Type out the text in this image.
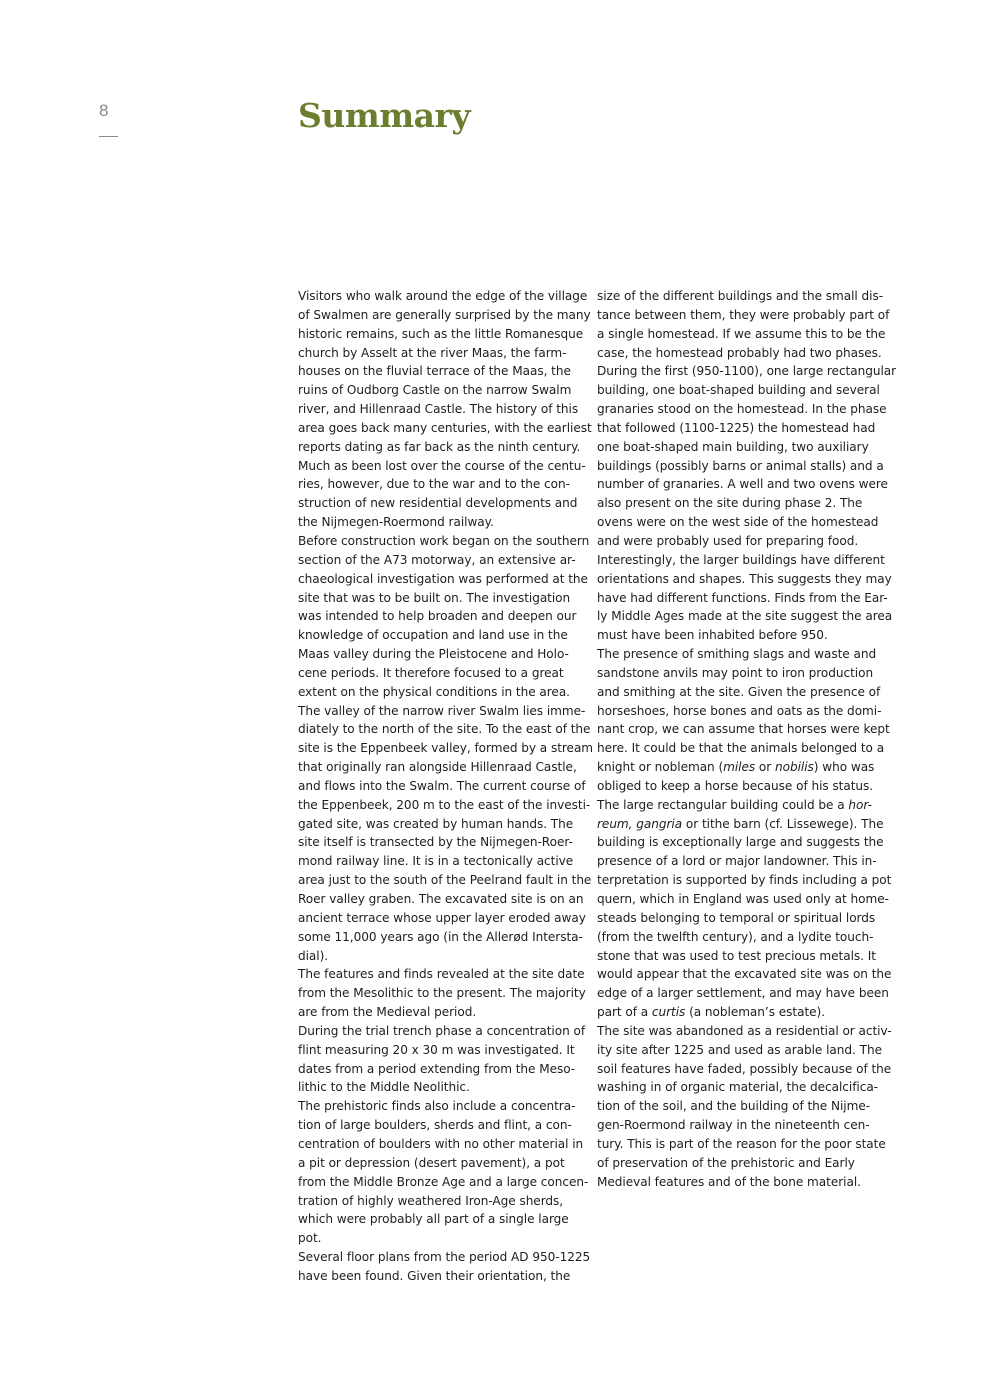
8	Summary

Visitors who walk around the edge of the village
of Swalmen are generally surprised by the many
historic remains, such as the little Romanesque
church by Asselt at the river Maas, the farm-
houses on the fluvial terrace of the Maas, the
ruins of Oudborg Castle on the narrow Swalm
river, and Hillenraad Castle. The history of this
area goes back many centuries, with the earliest
reports dating as far back as the ninth century.
Much as been lost over the course of the centu-
ries, however, due to the war and to the con-
struction of new residential developments and
the Nijmegen-Roermond railway.

Before construction work began on the southern
section of the A73 motorway, an extensive ar-
chaeological investigation was performed at the
site that was to be built on. The investigation
was intended to help broaden and deepen our
knowledge of occupation and land use in the
Maas valley during the Pleistocene and Holo-
cene periods. It therefore focused to a great
extent on the physical conditions in the area.

The valley of the narrow river Swalm lies imme-
diately to the north of the site. To the east of the
site is the Eppenbeek valley, formed by a stream
that originally ran alongside Hillenraad Castle,
and flows into the Swalm. The current course of
the Eppenbeek, 200 m to the east of the investi-
gated site, was created by human hands. The
site itself is transected by the Nijmegen-Roer-
mond railway line. It is in a tectonically active
area just to the south of the Peelrand fault in the
Roer valley graben. The excavated site is on an
ancient terrace whose upper layer eroded away
some 11,000 years ago (in the Allerød Intersta-
dial).

The features and finds revealed at the site date
from the Mesolithic to the present. The majority
are from the Medieval period.

During the trial trench phase a concentration of
flint measuring 20 x 30 m was investigated. It
dates from a period extending from the Meso-
lithic to the Middle Neolithic.

The prehistoric finds also include a concentra-
tion of large boulders, sherds and flint, a con-
centration of boulders with no other material in
a pit or depression (desert pavement), a pot
from the Middle Bronze Age and a large concen-
tration of highly weathered Iron-Age sherds,
which were probably all part of a single large
pot.

Several floor plans from the period AD 950-1225
have been found. Given their orientation, the

size of the different buildings and the small dis-
tance between them, they were probably part of
a single homestead. If we assume this to be the
case, the homestead probably had two phases.
During the first (950-1100), one large rectangular
building, one boat-shaped building and several
granaries stood on the homestead. In the phase
that followed (1100-1225) the homestead had
one boat-shaped main building, two auxiliary
buildings (possibly barns or animal stalls) and a
number of granaries. A well and two ovens were
also present on the site during phase 2. The
ovens were on the west side of the homestead
and were probably used for preparing food.
Interestingly, the larger buildings have different
orientations and shapes. This suggests they may
have had different functions. Finds from the Ear-
ly Middle Ages made at the site suggest the area
must have been inhabited before 950.

The presence of smithing slags and waste and
sandstone anvils may point to iron production
and smithing at the site. Given the presence of
horseshoes, horse bones and oats as the domi-
nant crop, we can assume that horses were kept
here. It could be that the animals belonged to a
knight or nobleman (miles or nobilis) who was
obliged to keep a horse because of his status.
The large rectangular building could be a hor-
reum, gangria or tithe barn (cf. Lissewege). The
building is exceptionally large and suggests the
presence of a lord or major landowner. This in-
terpretation is supported by finds including a pot
quern, which in England was used only at home-
steads belonging to temporal or spiritual lords
(from the twelfth century), and a lydite touch-
stone that was used to test precious metals. It
would appear that the excavated site was on the
edge of a larger settlement, and may have been
part of a curtis (a nobleman’s estate).

The site was abandoned as a residential or activ-
ity site after 1225 and used as arable land. The
soil features have faded, possibly because of the
washing in of organic material, the decalcifica-
tion of the soil, and the building of the Nijme-
gen-Roermond railway in the nineteenth cen-
tury. This is part of the reason for the poor state
of preservation of the prehistoric and Early
Medieval features and of the bone material.
